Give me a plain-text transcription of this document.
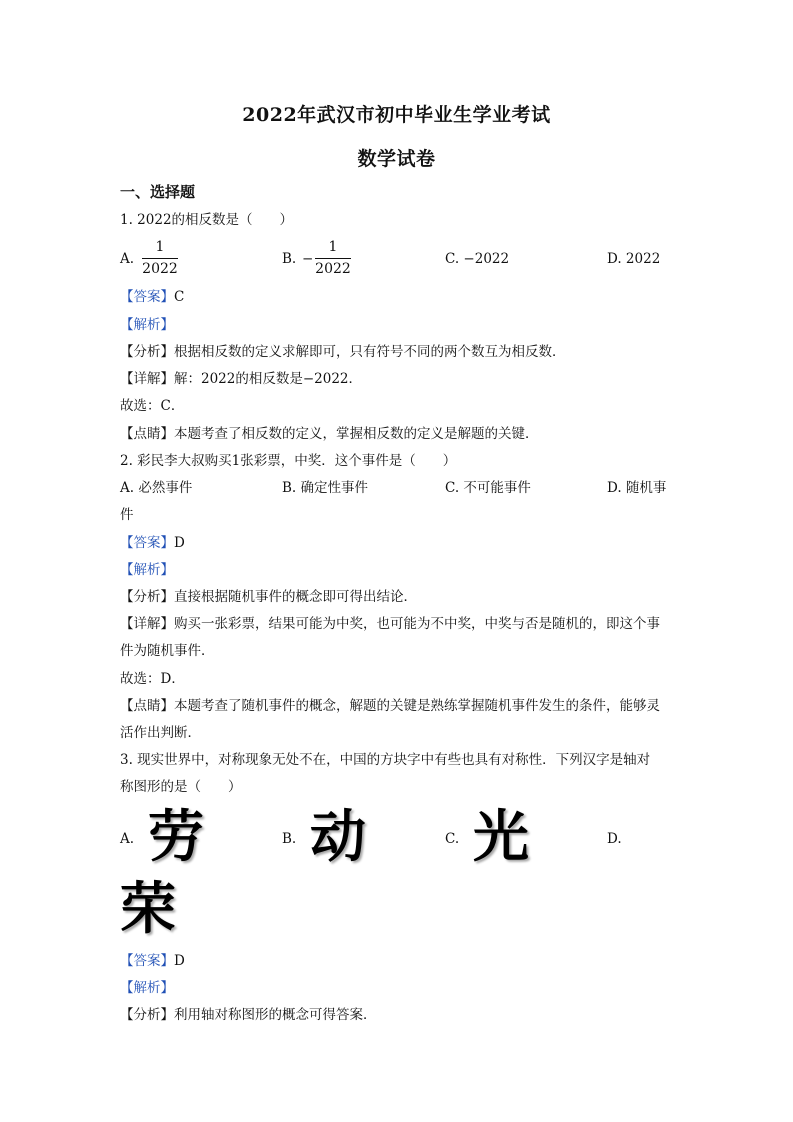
2022年武汉市初中毕业生学业考试
数学试卷
一、选择题
1. 2022的相反数是（　　）
A.
1
2022
B. −
1
2022
C. −2022	D. 2022
【答案】C
【解析】
【分析】根据相反数的定义求解即可，只有符号不同的两个数互为相反数．
【详解】解：2022的相反数是−2022．
故选：C．
【点睛】本题考查了相反数的定义，掌握相反数的定义是解题的关键．
2. 彩民李大叔购买1张彩票，中奖．这个事件是（　　）
A. 必然事件	B. 确定性事件	C. 不可能事件	D. 随机事
件
【答案】D
【解析】
【分析】直接根据随机事件的概念即可得出结论．
【详解】购买一张彩票，结果可能为中奖，也可能为不中奖，中奖与否是随机的，即这个事
件为随机事件．
故选：D．
【点睛】本题考查了随机事件的概念，解题的关键是熟练掌握随机事件发生的条件，能够灵
活作出判断．
3. 现实世界中，对称现象无处不在，中国的方块字中有些也具有对称性．下列汉字是轴对
称图形的是（　　）
A. 劳	B. 动	C. 光	D.
荣
【答案】D
【解析】
【分析】利用轴对称图形的概念可得答案．
